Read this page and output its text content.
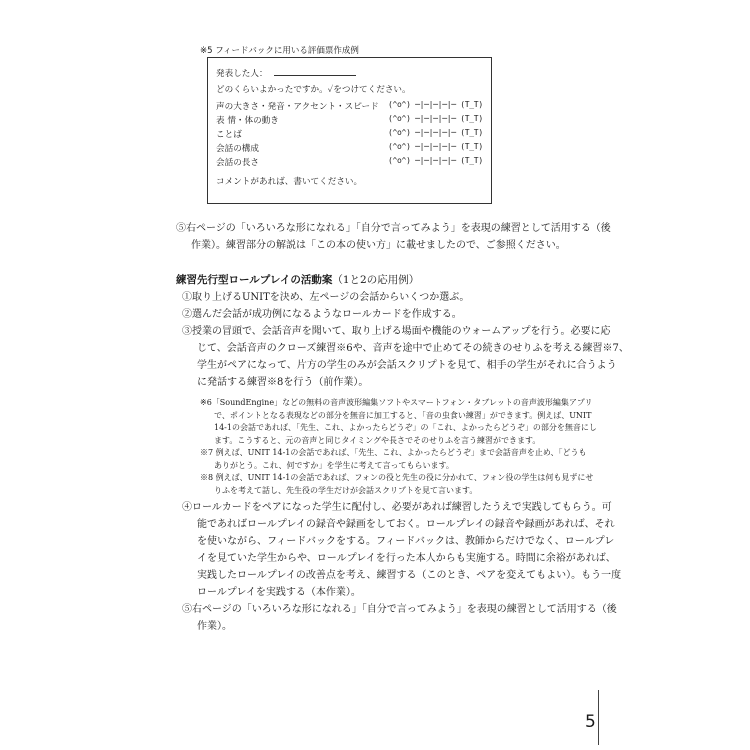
※5 フィードバックに用いる評価票作成例
発表した人：
どのくらいよかったですか。✓をつけてください。
声の大きさ・発音・アクセント・スピード (^o^) ─|─|─|─|─ (T_T)
表 情・体の動き	(^o^) ─|─|─|─|─ (T_T)
ことば	(^o^) ─|─|─|─|─ (T_T)
会話の構成	(^o^) ─|─|─|─|─ (T_T)
会話の長さ	(^o^) ─|─|─|─|─ (T_T)
コメントがあれば、書いてください。
⑤右ページの「いろいろな形になれる」「自分で言ってみよう」を表現の練習として活用する（後
作業）。練習部分の解説は「この本の使い方」に載せましたので、ご参照ください。
練習先行型ロールプレイの活動案（1と2の応用例）
①取り上げるUNITを決め、左ページの会話からいくつか選ぶ。
②選んだ会話が成功例になるようなロールカードを作成する。
③授業の冒頭で、会話音声を聞いて、取り上げる場面や機能のウォームアップを行う。必要に応
じて、会話音声のクローズ練習※6や、音声を途中で止めてその続きのせりふを考える練習※7、
学生がペアになって、片方の学生のみが会話スクリプトを見て、相手の学生がそれに合うよう
に発話する練習※8を行う（前作業）。
※6「SoundEngine」などの無料の音声波形編集ソフトやスマートフォン・タブレットの音声波形編集アプリ
で、ポイントとなる表現などの部分を無音に加工すると、「音の虫食い練習」ができます。例えば、UNIT
14-1の会話であれば、「先生、これ、よかったらどうぞ」の「これ、よかったらどうぞ」の部分を無音にし
ます。こうすると、元の音声と同じタイミングや長さでそのせりふを言う練習ができます。
※7 例えば、UNIT 14-1の会話であれば、「先生、これ、よかったらどうぞ」まで会話音声を止め、「どうも
ありがとう。これ、何ですか」を学生に考えて言ってもらいます。
※8 例えば、UNIT 14-1の会話であれば、フォンの役と先生の役に分かれて、フォン役の学生は何も見ずにせ
りふを考えて話し、先生役の学生だけが会話スクリプトを見て言います。
④ロールカードをペアになった学生に配付し、必要があれば練習したうえで実践してもらう。可
能であればロールプレイの録音や録画をしておく。ロールプレイの録音や録画があれば、それ
を使いながら、フィードバックをする。フィードバックは、教師からだけでなく、ロールプレ
イを見ていた学生からや、ロールプレイを行った本人からも実施する。時間に余裕があれば、
実践したロールプレイの改善点を考え、練習する（このとき、ペアを変えてもよい）。もう一度
ロールプレイを実践する（本作業）。
⑤右ページの「いろいろな形になれる」「自分で言ってみよう」を表現の練習として活用する（後
作業）。
5
